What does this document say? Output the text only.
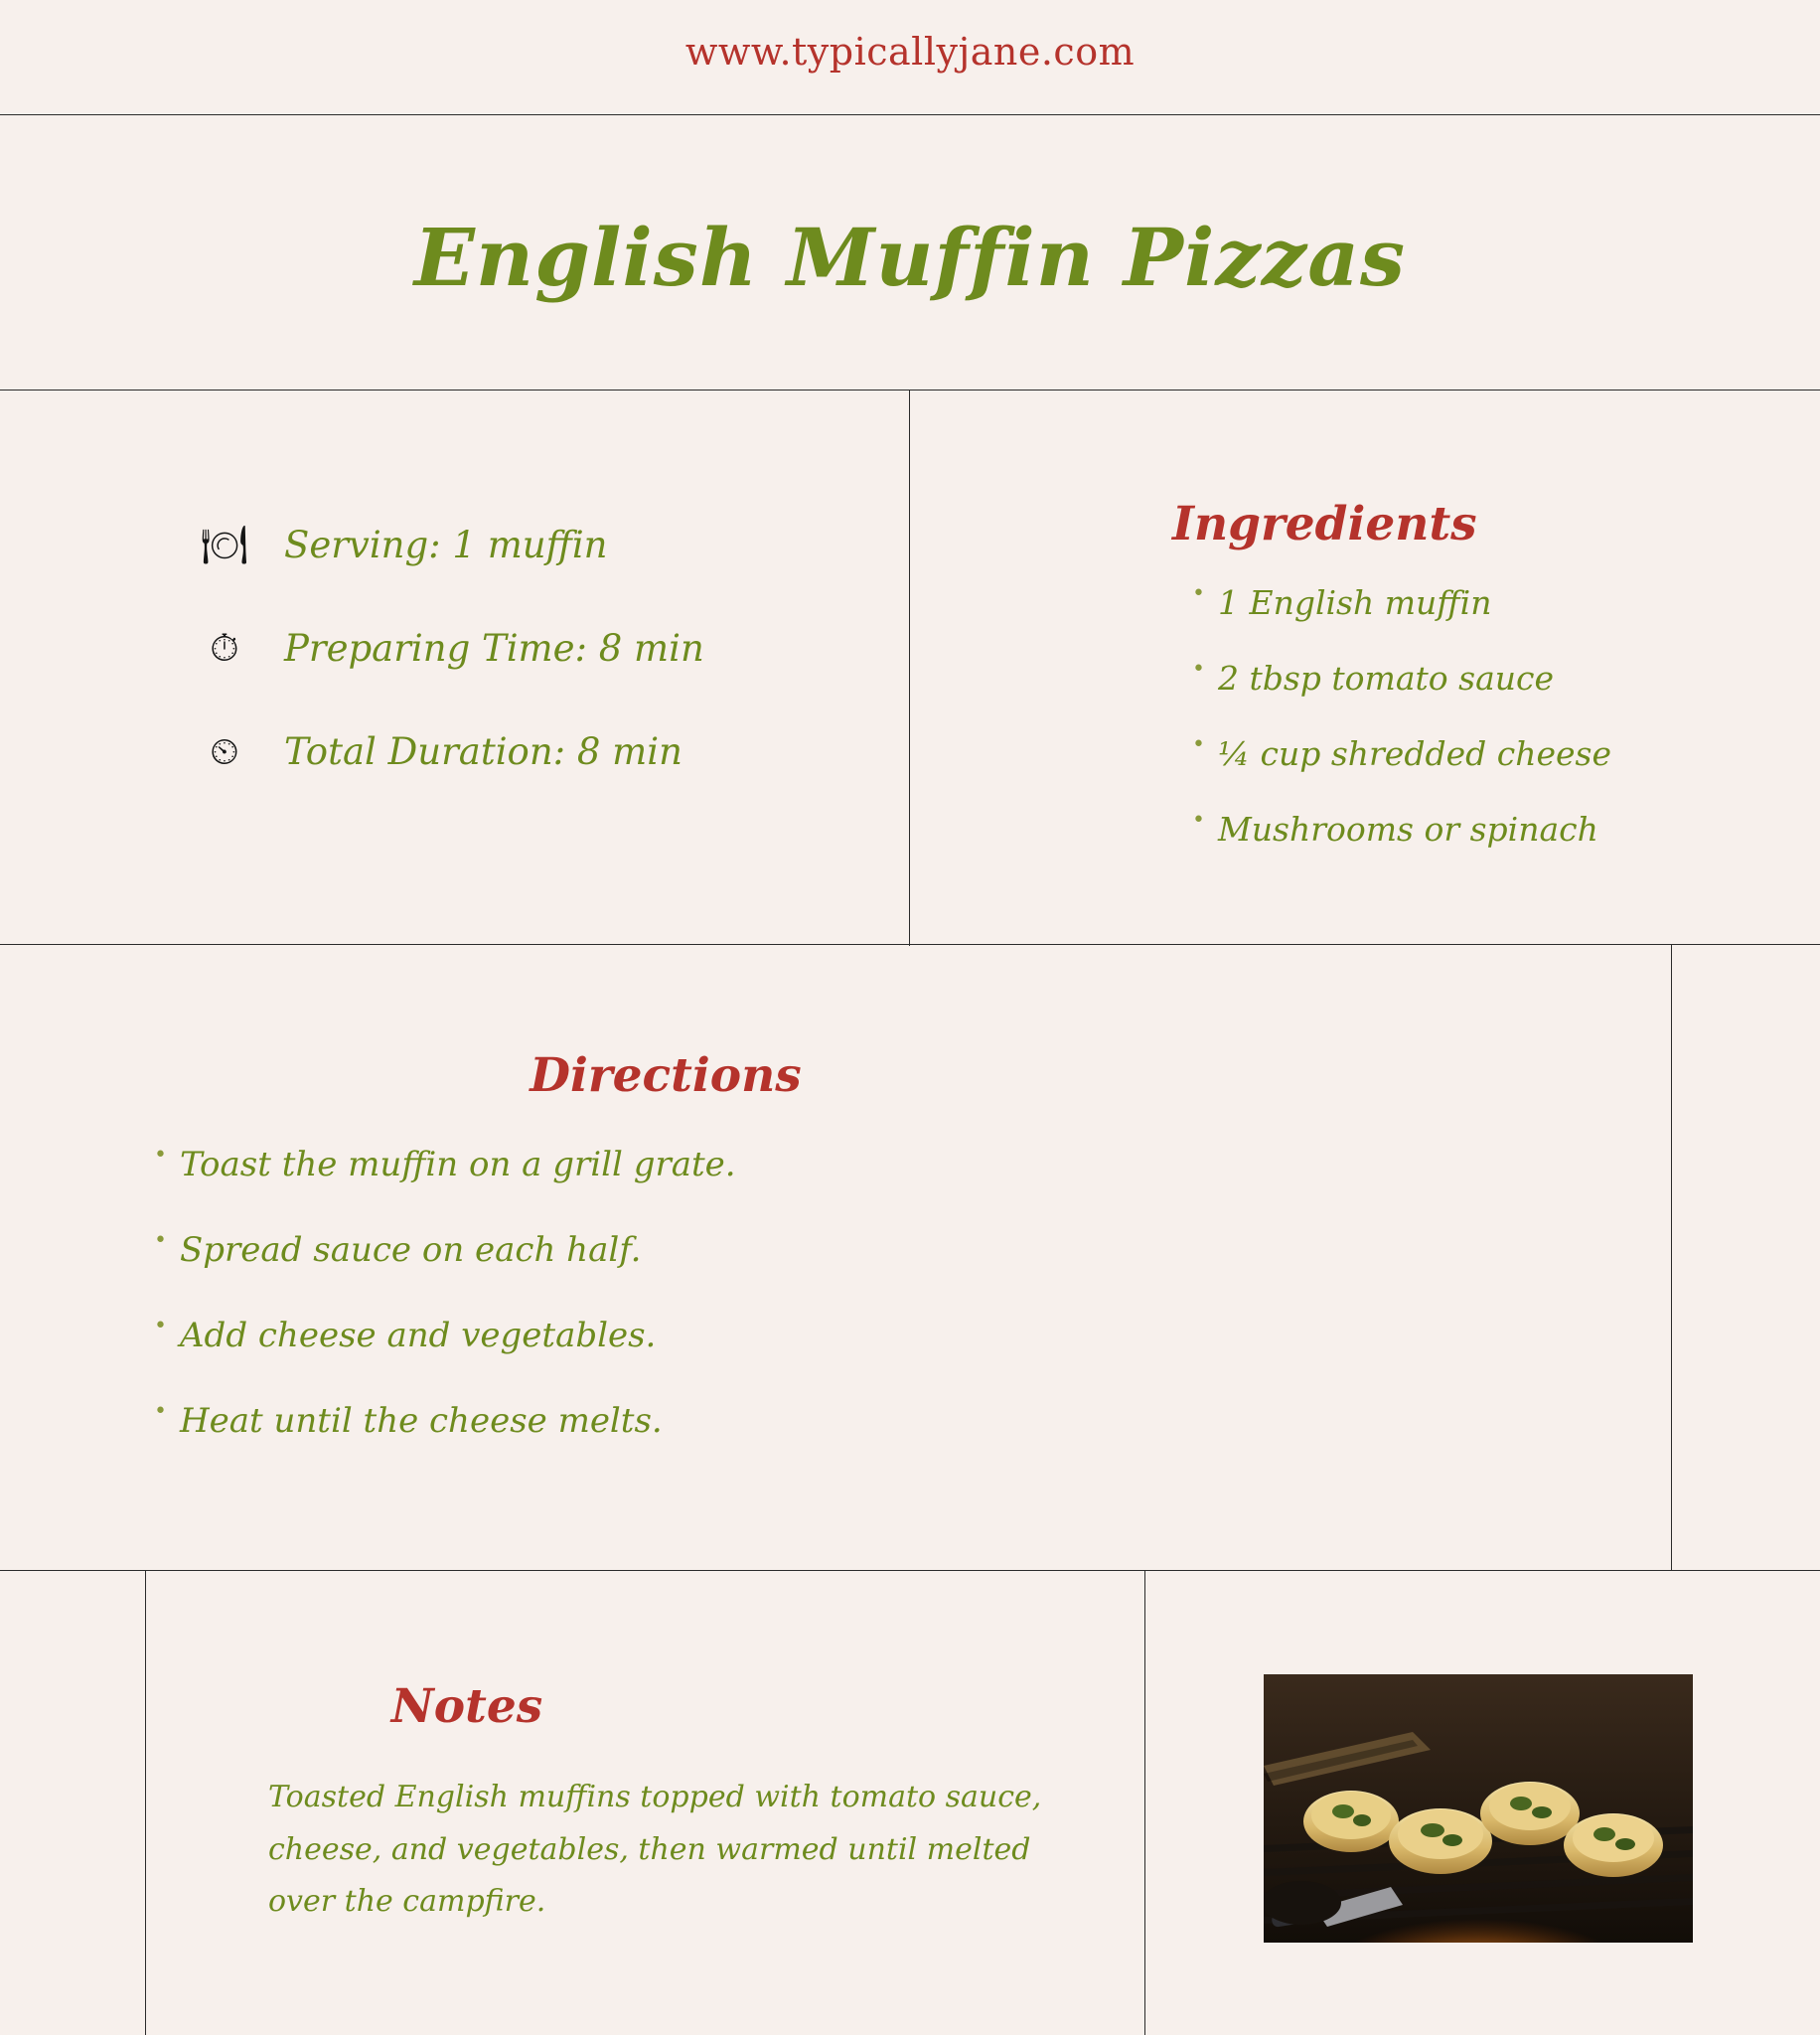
www.typicallyjane.com
English Muffin Pizzas
🍽 Serving: 1 muffin
⏱	Preparing Time: 8 min
⏲	Total Duration: 8 min
Ingredients
• 1 English muffin
• 2 tbsp tomato sauce
• ¼ cup shredded cheese
• Mushrooms or spinach
Directions
• Toast the muffin on a grill grate.
• Spread sauce on each half.
• Add cheese and vegetables.
• Heat until the cheese melts.
Notes
Toasted English muffins topped with tomato sauce, cheese, and vegetables, then warmed until melted over the campfire.
